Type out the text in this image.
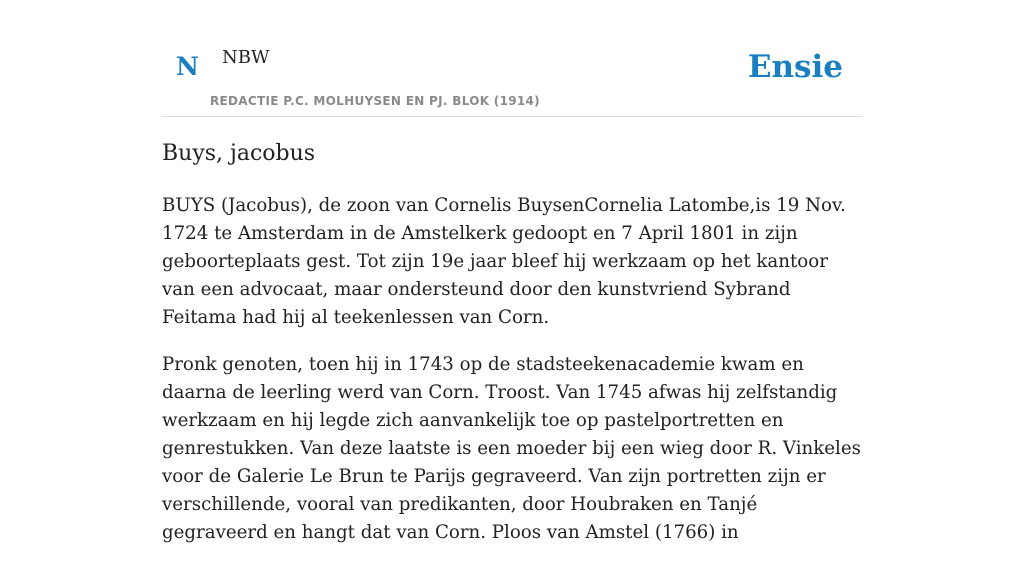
N NBW
REDACTIE P.C. MOLHUYSEN EN PJ. BLOK (1914)
Ensie
Buys, jacobus

BUYS (Jacobus), de zoon van Cornelis BuysenCornelia Latombe,is 19 Nov. 1724 te Amsterdam in de Amstelkerk gedoopt en 7 April 1801 in zijn geboorteplaats gest. Tot zijn 19e jaar bleef hij werkzaam op het kantoor van een advocaat, maar ondersteund door den kunstvriend Sybrand Feitama had hij al teekenlessen van Corn.

Pronk genoten, toen hij in 1743 op de stadsteekenacademie kwam en daarna de leerling werd van Corn. Troost. Van 1745 afwas hij zelfstandig werkzaam en hij legde zich aanvankelijk toe op pastelportretten en genrestukken. Van deze laatste is een moeder bij een wieg door R. Vinkeles voor de Galerie Le Brun te Parijs gegraveerd. Van zijn portretten zijn er verschillende, vooral van predikanten, door Houbraken en Tanjé gegraveerd en hangt dat van Corn. Ploos van Amstel (1766) in
